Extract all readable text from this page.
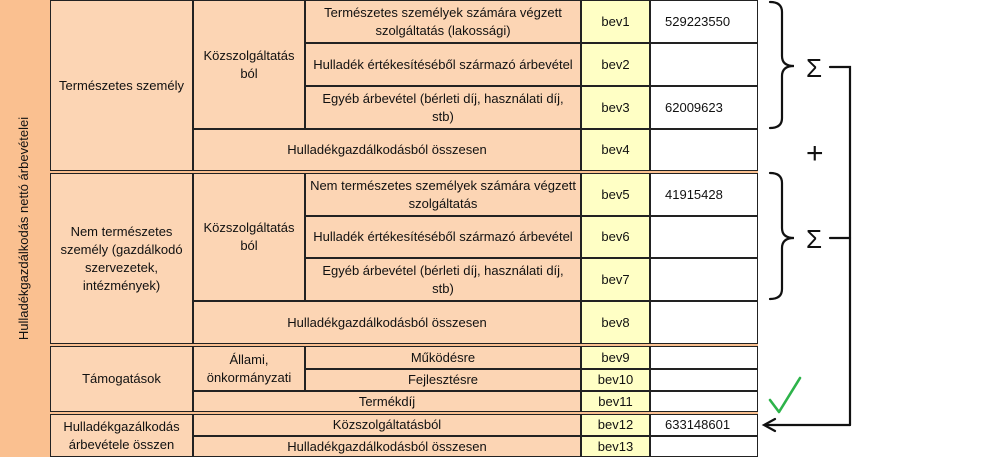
Hulladékgazdálkodás nettó árbevételei
Természetes személy
Nem természetes személy (gazdálkodó szervezetek, intézmények)
Támogatások
Hulladékgazálkodás árbevétele összen
Közszolgáltatás ból
Közszolgáltatás ból
Állami, önkormányzati
Természetes személyek számára végzett szolgáltatás (lakossági)
Hulladék értékesítéséből származó árbevétel
Egyéb árbevétel (bérleti díj, használati díj, stb)
Hulladékgazdálkodásból összesen
Nem természetes személyek számára végzett szolgáltatás
Hulladék értékesítéséből származó árbevétel
Egyéb árbevétel (bérleti díj, használati díj, stb)
Hulladékgazdálkodásból összesen
Működésre
Fejlesztésre
Termékdíj
Közszolgáltatásból
Hulladékgazdálkodásból összesen
bev1
bev2
bev3
bev4
bev5
bev6
bev7
bev8
bev9
bev10
bev11
bev12
bev13
529223550
62009623
41915428
633148601
Σ
Σ
+
